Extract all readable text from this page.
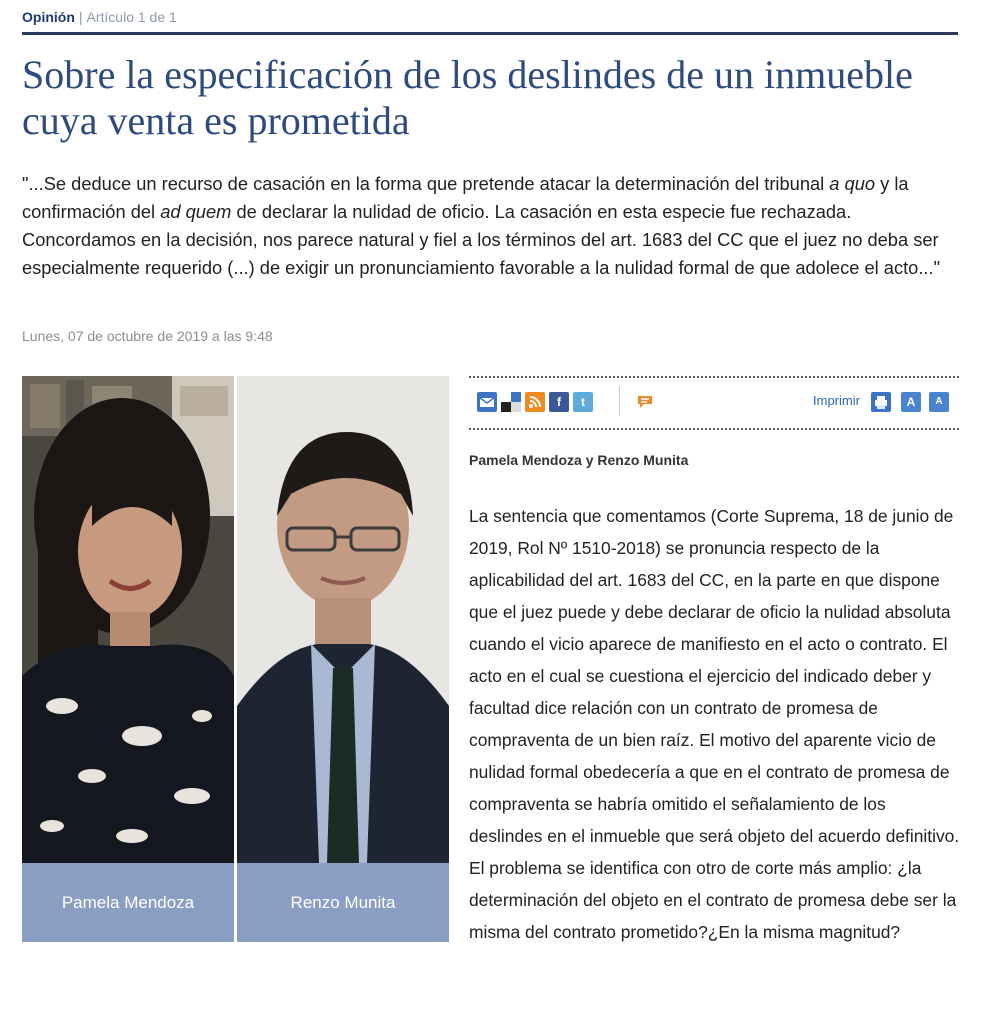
Opinión | Artículo 1 de 1
Sobre la especificación de los deslindes de un inmueble cuya venta es prometida

"...Se deduce un recurso de casación en la forma que pretende atacar la determinación del tribunal a quo y la confirmación del ad quem de declarar la nulidad de oficio. La casación en esta especie fue rechazada. Concordamos en la decisión, nos parece natural y fiel a los términos del art. 1683 del CC que el juez no deba ser especialmente requerido (...) de exigir un pronunciamiento favorable a la nulidad formal de que adolece el acto..."

Lunes, 07 de octubre de 2019 a las 9:48
Pamela Mendoza	Renzo Munita
f	t	A	A
Imprimir
Pamela Mendoza y Renzo Munita

La sentencia que comentamos (Corte Suprema, 18 de junio de 2019, Rol Nº 1510-2018) se pronuncia respecto de la aplicabilidad del art. 1683 del CC, en la parte en que dispone que el juez puede y debe declarar de oficio la nulidad absoluta cuando el vicio aparece de manifiesto en el acto o contrato. El acto en el cual se cuestiona el ejercicio del indicado deber y facultad dice relación con un contrato de promesa de compraventa de un bien raíz. El motivo del aparente vicio de nulidad formal obedecería a que en el contrato de promesa de compraventa se habría omitido el señalamiento de los deslindes en el inmueble que será objeto del acuerdo definitivo. El problema se identifica con otro de corte más amplio: ¿la determinación del objeto en el contrato de promesa debe ser la misma del contrato prometido?¿En la misma magnitud?
